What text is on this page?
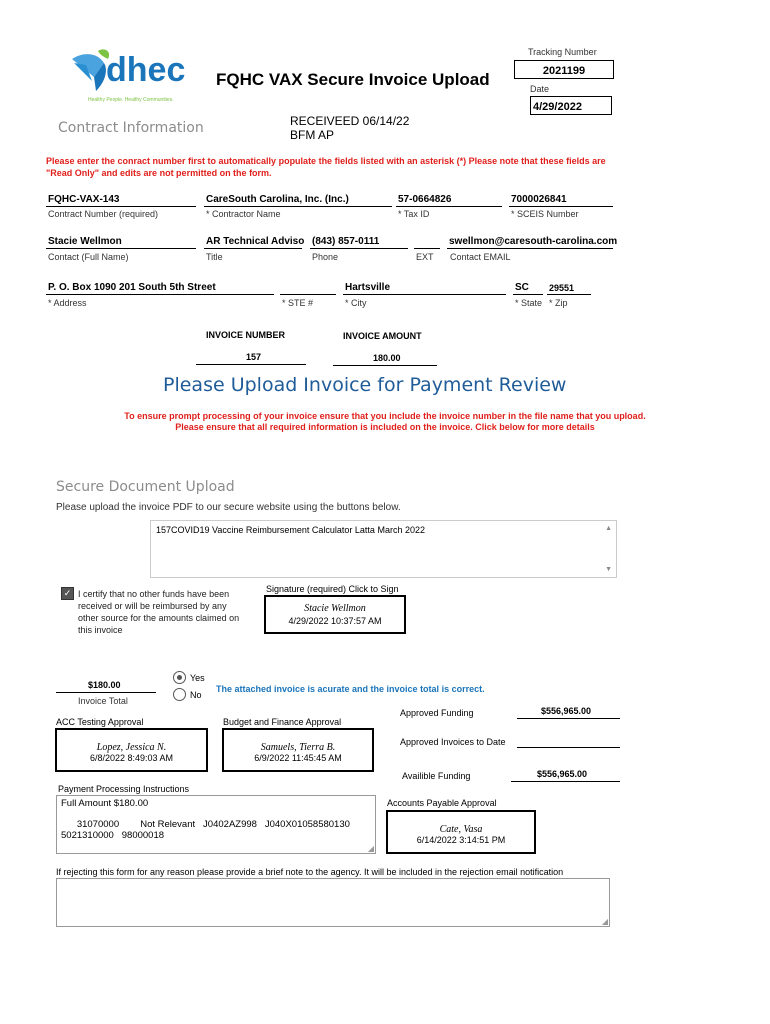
dhec
Healthy People. Healthy Communities.
FQHC VAX Secure Invoice Upload
Tracking Number
2021199
Date
4/29/2022
Contract Information	RECEIVEED 06/14/22
BFM AP
Please enter the conract number first to automatically populate the fields listed with an asterisk (*) Please note that these fields are "Read Only" and edits are not permitted on the form.
FQHC-VAX-143
Contract Number (required)
CareSouth Carolina, Inc. (Inc.)
* Contractor Name
57-0664826
* Tax ID
7000026841
* SCEIS Number
Stacie Wellmon
Contact (Full Name)
AR Technical Adviso
Title
(843) 857-0111
Phone	EXT
swellmon@caresouth-carolina.com
Contact EMAIL
P. O. Box 1090 201 South 5th Street
* Address	* STE #
Hartsville
* City
SC
* State
29551
* Zip
INVOICE NUMBER
157
INVOICE AMOUNT
180.00
Please Upload Invoice for Payment Review
To ensure prompt processing of your invoice ensure that you include the invoice number in the file name that you upload.
Please ensure that all required information is included on the invoice. Click below for more details
Secure Document Upload
Please upload the invoice PDF to our secure website using the buttons below.
157COVID19 Vaccine Reimbursement Calculator Latta March 2022	▲
▼
✓ I certify that no other funds have been
received or will be reimbursed by any
other source for the amounts claimed on
this invoice
Signature (required) Click to Sign
Stacie Wellmon
4/29/2022 10:37:57 AM
$180.00
Invoice Total
Yes
No
The attached invoice is acurate and the invoice total is correct.
ACC Testing Approval
Lopez, Jessica N.
6/8/2022 8:49:03 AM
Budget and Finance Approval
Samuels, Tierra B.
6/9/2022 11:45:45 AM
Approved Funding	$556,965.00
Approved Invoices to Date
Availible Funding	$556,965.00
Payment Processing Instructions
Full Amount $180.00
31070000        Not Relevant   J0402AZ998   J040X01058580130
5021310000   98000018
◢
Accounts Payable Approval
Cate, Vasa
6/14/2022 3:14:51 PM
If rejecting this form for any reason please provide a brief note to the agency. It will be included in the rejection email notification
◢
